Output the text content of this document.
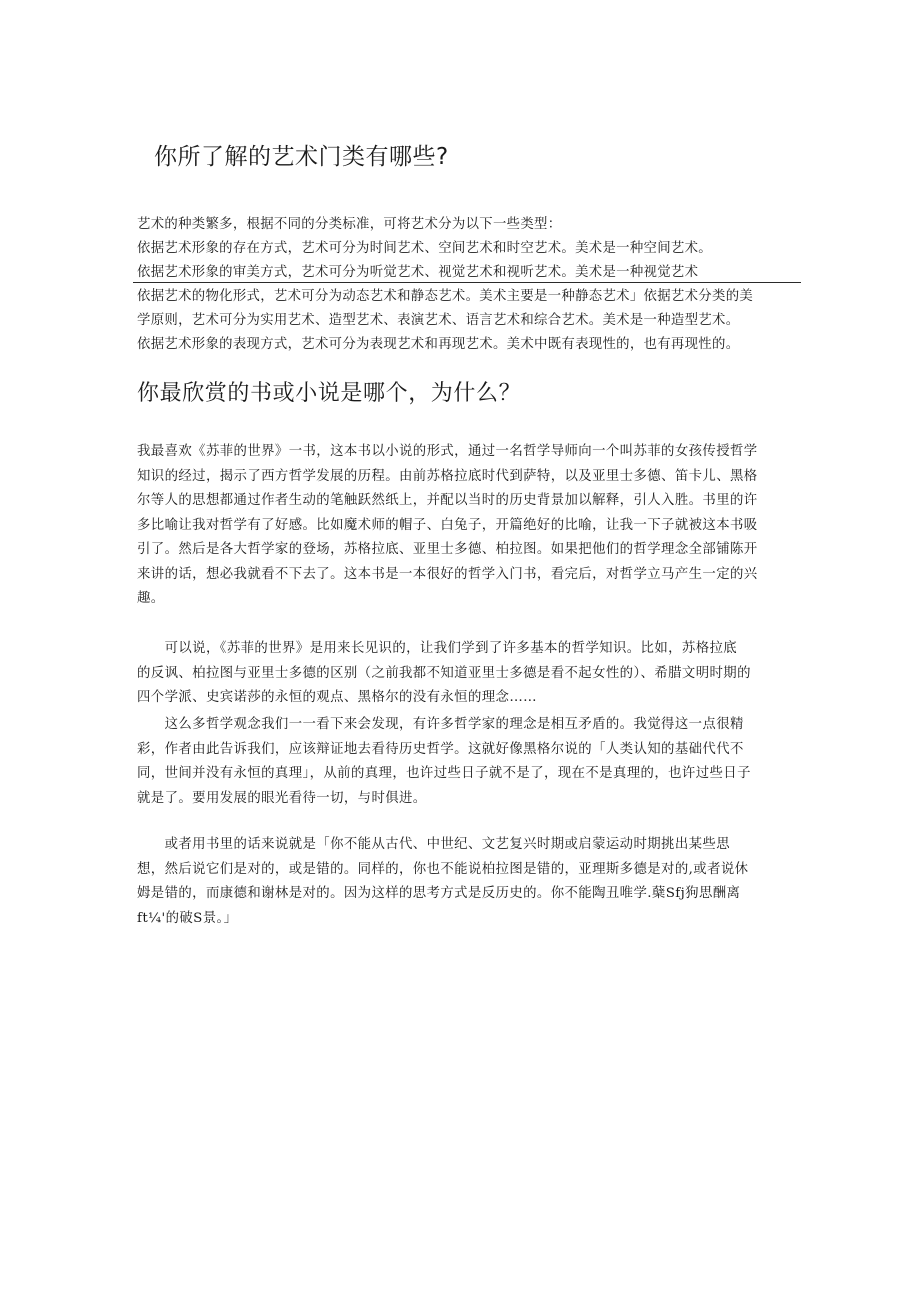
你所了解的艺术门类有哪些?
艺术的种类繁多，根据不同的分类标准，可将艺术分为以下一些类型：
依据艺术形象的存在方式，艺术可分为时间艺术、空间艺术和时空艺术。美术是一种空间艺术。
依据艺术形象的审美方式，艺术可分为听觉艺术、视觉艺术和视听艺术。美术是一种视觉艺术
依据艺术的物化形式，艺术可分为动态艺术和静态艺术。美术主要是一种静态艺术」依据艺术分类的美
学原则，艺术可分为实用艺术、造型艺术、表演艺术、语言艺术和综合艺术。美术是一种造型艺术。
依据艺术形象的表现方式，艺术可分为表现艺术和再现艺术。美术中既有表现性的，也有再现性的。
你最欣赏的书或小说是哪个，为什么？
我最喜欢《苏菲的世界》一书，这本书以小说的形式，通过一名哲学导师向一个叫苏菲的女孩传授哲学
知识的经过，揭示了西方哲学发展的历程。由前苏格拉底时代到萨特，以及亚里士多德、笛卡儿、黑格
尔等人的思想都通过作者生动的笔触跃然纸上，并配以当时的历史背景加以解释，引人入胜。书里的许
多比喻让我对哲学有了好感。比如魔术师的帽子、白兔子，开篇绝好的比喻，让我一下子就被这本书吸
引了。然后是各大哲学家的登场，苏格拉底、亚里士多德、柏拉图。如果把他们的哲学理念全部铺陈开
来讲的话，想必我就看不下去了。这本书是一本很好的哲学入门书，看完后，对哲学立马产生一定的兴
趣。
　　可以说，《苏菲的世界》是用来长见识的，让我们学到了许多基本的哲学知识。比如，苏格拉底
的反讽、柏拉图与亚里士多德的区别（之前我都不知道亚里士多德是看不起女性的）、希腊文明时期的
四个学派、史宾诺莎的永恒的观点、黑格尔的没有永恒的理念……
　　这么多哲学观念我们一一看下来会发现，有许多哲学家的理念是相互矛盾的。我觉得这一点很精
彩，作者由此告诉我们，应该辩证地去看待历史哲学。这就好像黑格尔说的「人类认知的基础代代不
同，世间并没有永恒的真理」，从前的真理，也许过些日子就不是了，现在不是真理的，也许过些日子
就是了。要用发展的眼光看待一切，与时俱进。
　　或者用书里的话来说就是「你不能从古代、中世纪、文艺复兴时期或启蒙运动时期挑出某些思
想，然后说它们是对的，或是错的。同样的，你也不能说柏拉图是错的，亚理斯多德是对的,或者说休
姆是错的，而康德和谢林是对的。因为这样的思考方式是反历史的。你不能陶丑唯学.蘖Sfj狗思酬离
ft¼'的破S景。」
